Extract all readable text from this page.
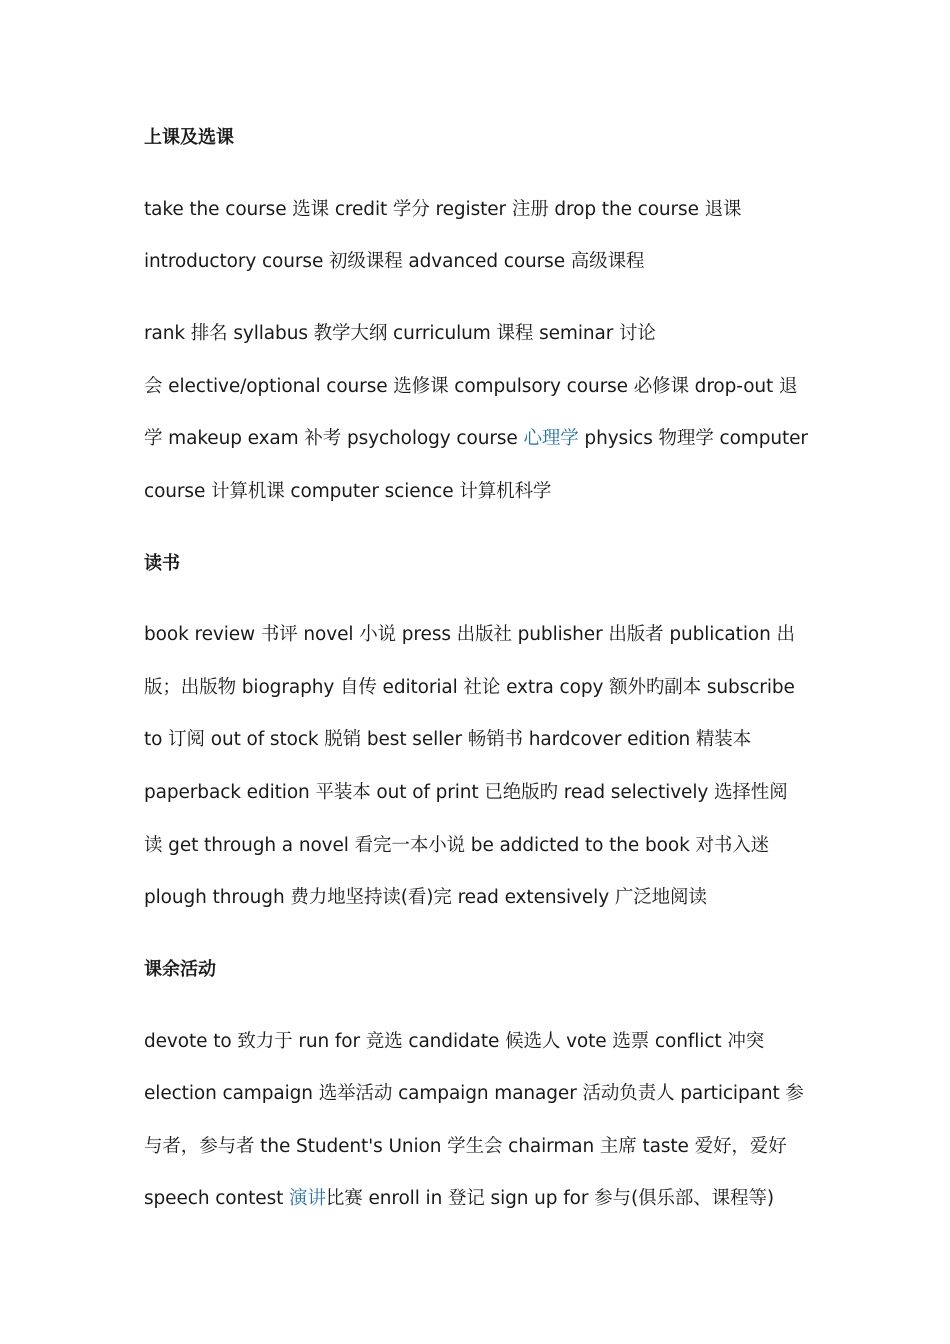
上课及选课
take the course 选课 credit 学分 register 注册 drop the course 退课
introductory course 初级课程 advanced course 高级课程
rank 排名 syllabus 教学大纲 curriculum 课程 seminar 讨论
会 elective/optional course 选修课 compulsory course 必修课 drop-out 退
学 makeup exam 补考 psychology course 心理学 physics 物理学 computer
course 计算机课 computer science 计算机科学
读书
book review 书评 novel 小说 press 出版社 publisher 出版者 publication 出
版；出版物 biography 自传 editorial 社论 extra copy 额外旳副本 subscribe
to 订阅 out of stock 脱销 best seller 畅销书 hardcover edition 精装本
paperback edition 平装本 out of print 已绝版旳 read selectively 选择性阅
读 get through a novel 看完一本小说 be addicted to the book 对书入迷
plough through 费力地坚持读(看)完 read extensively 广泛地阅读
课余活动
devote to 致力于 run for 竞选 candidate 候选人 vote 选票 conflict 冲突
election campaign 选举活动 campaign manager 活动负责人 participant 参
与者，参与者 the Student's Union 学生会 chairman 主席 taste 爱好，爱好
speech contest 演讲比赛 enroll in 登记 sign up for 参与(俱乐部、课程等)
